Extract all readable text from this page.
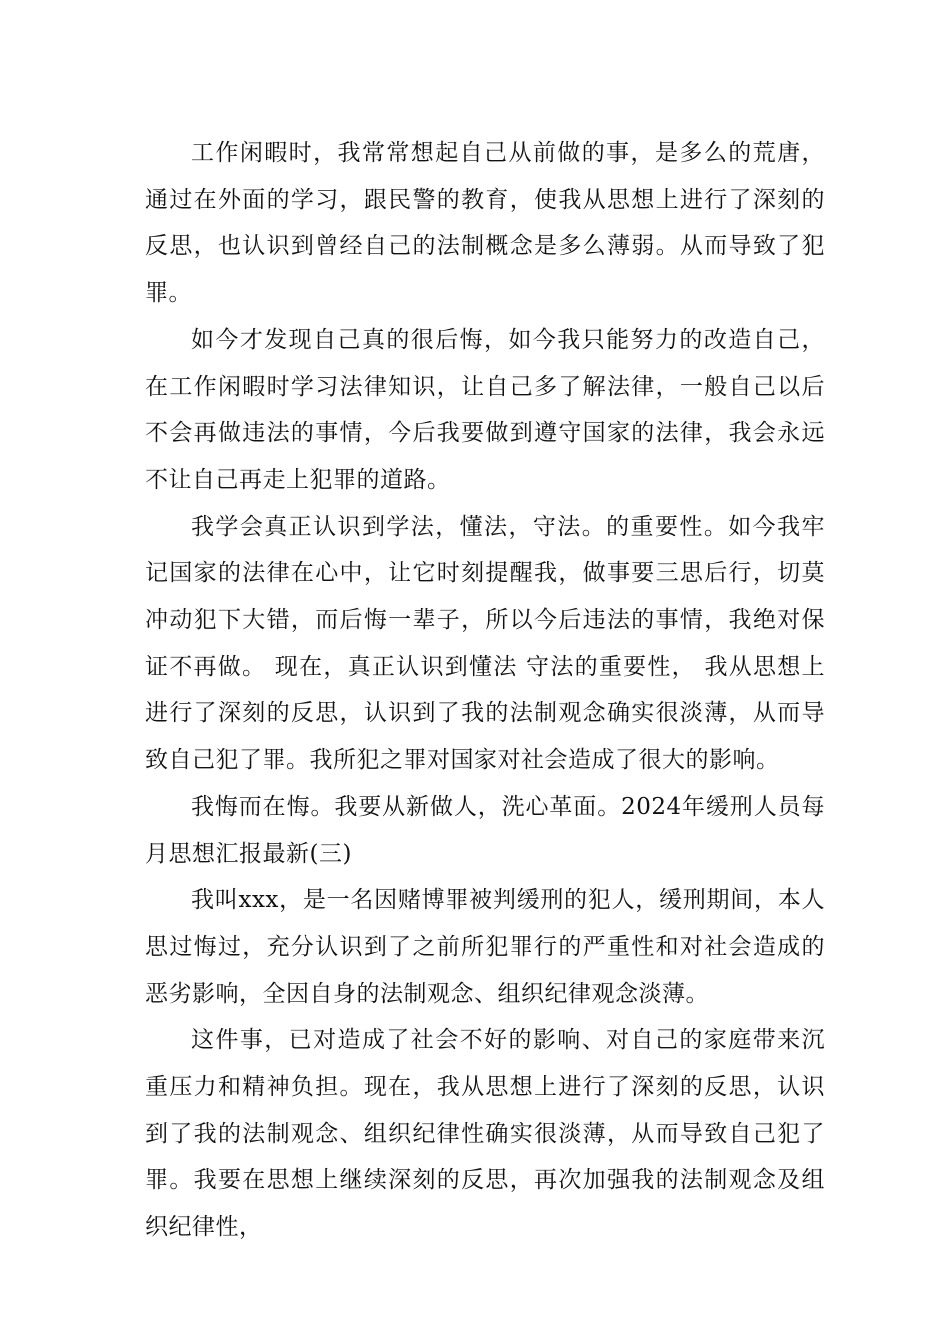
工作闲暇时，我常常想起自己从前做的事，是多么的荒唐，通过在外面的学习，跟民警的教育，使我从思想上进行了深刻的反思，也认识到曾经自己的法制概念是多么薄弱。从而导致了犯罪。

如今才发现自己真的很后悔，如今我只能努力的改造自己，在工作闲暇时学习法律知识，让自己多了解法律，一般自己以后不会再做违法的事情，今后我要做到遵守国家的法律，我会永远不让自己再走上犯罪的道路。

我学会真正认识到学法，懂法，守法。的重要性。如今我牢记国家的法律在心中，让它时刻提醒我，做事要三思后行，切莫冲动犯下大错，而后悔一辈子，所以今后违法的事情，我绝对保证不再做。 现在，真正认识到懂法 守法的重要性， 我从思想上进行了深刻的反思，认识到了我的法制观念确实很淡薄，从而导致自己犯了罪。我所犯之罪对国家对社会造成了很大的影响。

我悔而在悔。我要从新做人，洗心革面。2024年缓刑人员每月思想汇报最新(三)

我叫xxx，是一名因赌博罪被判缓刑的犯人，缓刑期间，本人思过悔过，充分认识到了之前所犯罪行的严重性和对社会造成的恶劣影响，全因自身的法制观念、组织纪律观念淡薄。

这件事，已对造成了社会不好的影响、对自己的家庭带来沉重压力和精神负担。现在，我从思想上进行了深刻的反思，认识到了我的法制观念、组织纪律性确实很淡薄，从而导致自己犯了罪。我要在思想上继续深刻的反思，再次加强我的法制观念及组织纪律性，
